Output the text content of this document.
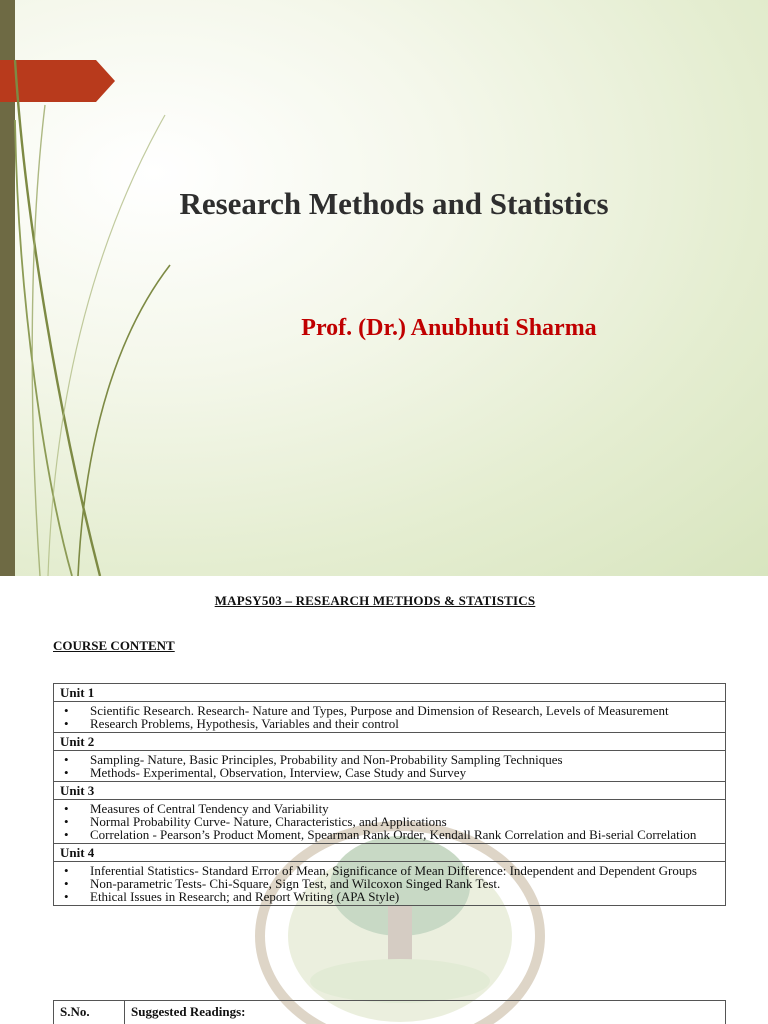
Research Methods and Statistics
Prof. (Dr.) Anubhuti Sharma
MAPSY503 – RESEARCH METHODS & STATISTICS
COURSE CONTENT
Unit 1

• Scientific Research. Research- Nature and Types, Purpose and Dimension of Research, Levels of Measurement
• Research Problems, Hypothesis, Variables and their control

Unit 2

• Sampling- Nature, Basic Principles, Probability and Non-Probability Sampling Techniques
• Methods- Experimental, Observation, Interview, Case Study and Survey

Unit 3

• Measures of Central Tendency and Variability
• Normal Probability Curve- Nature, Characteristics, and Applications
• Correlation - Pearson’s Product Moment, Spearman Rank Order, Kendall Rank Correlation and Bi-serial Correlation

Unit 4

• Inferential Statistics- Standard Error of Mean, Significance of Mean Difference: Independent and Dependent Groups
• Non-parametric Tests- Chi-Square, Sign Test, and Wilcoxon Singed Rank Test.
• Ethical Issues in Research; and Report Writing (APA Style)
S.No.	Suggested Readings:
